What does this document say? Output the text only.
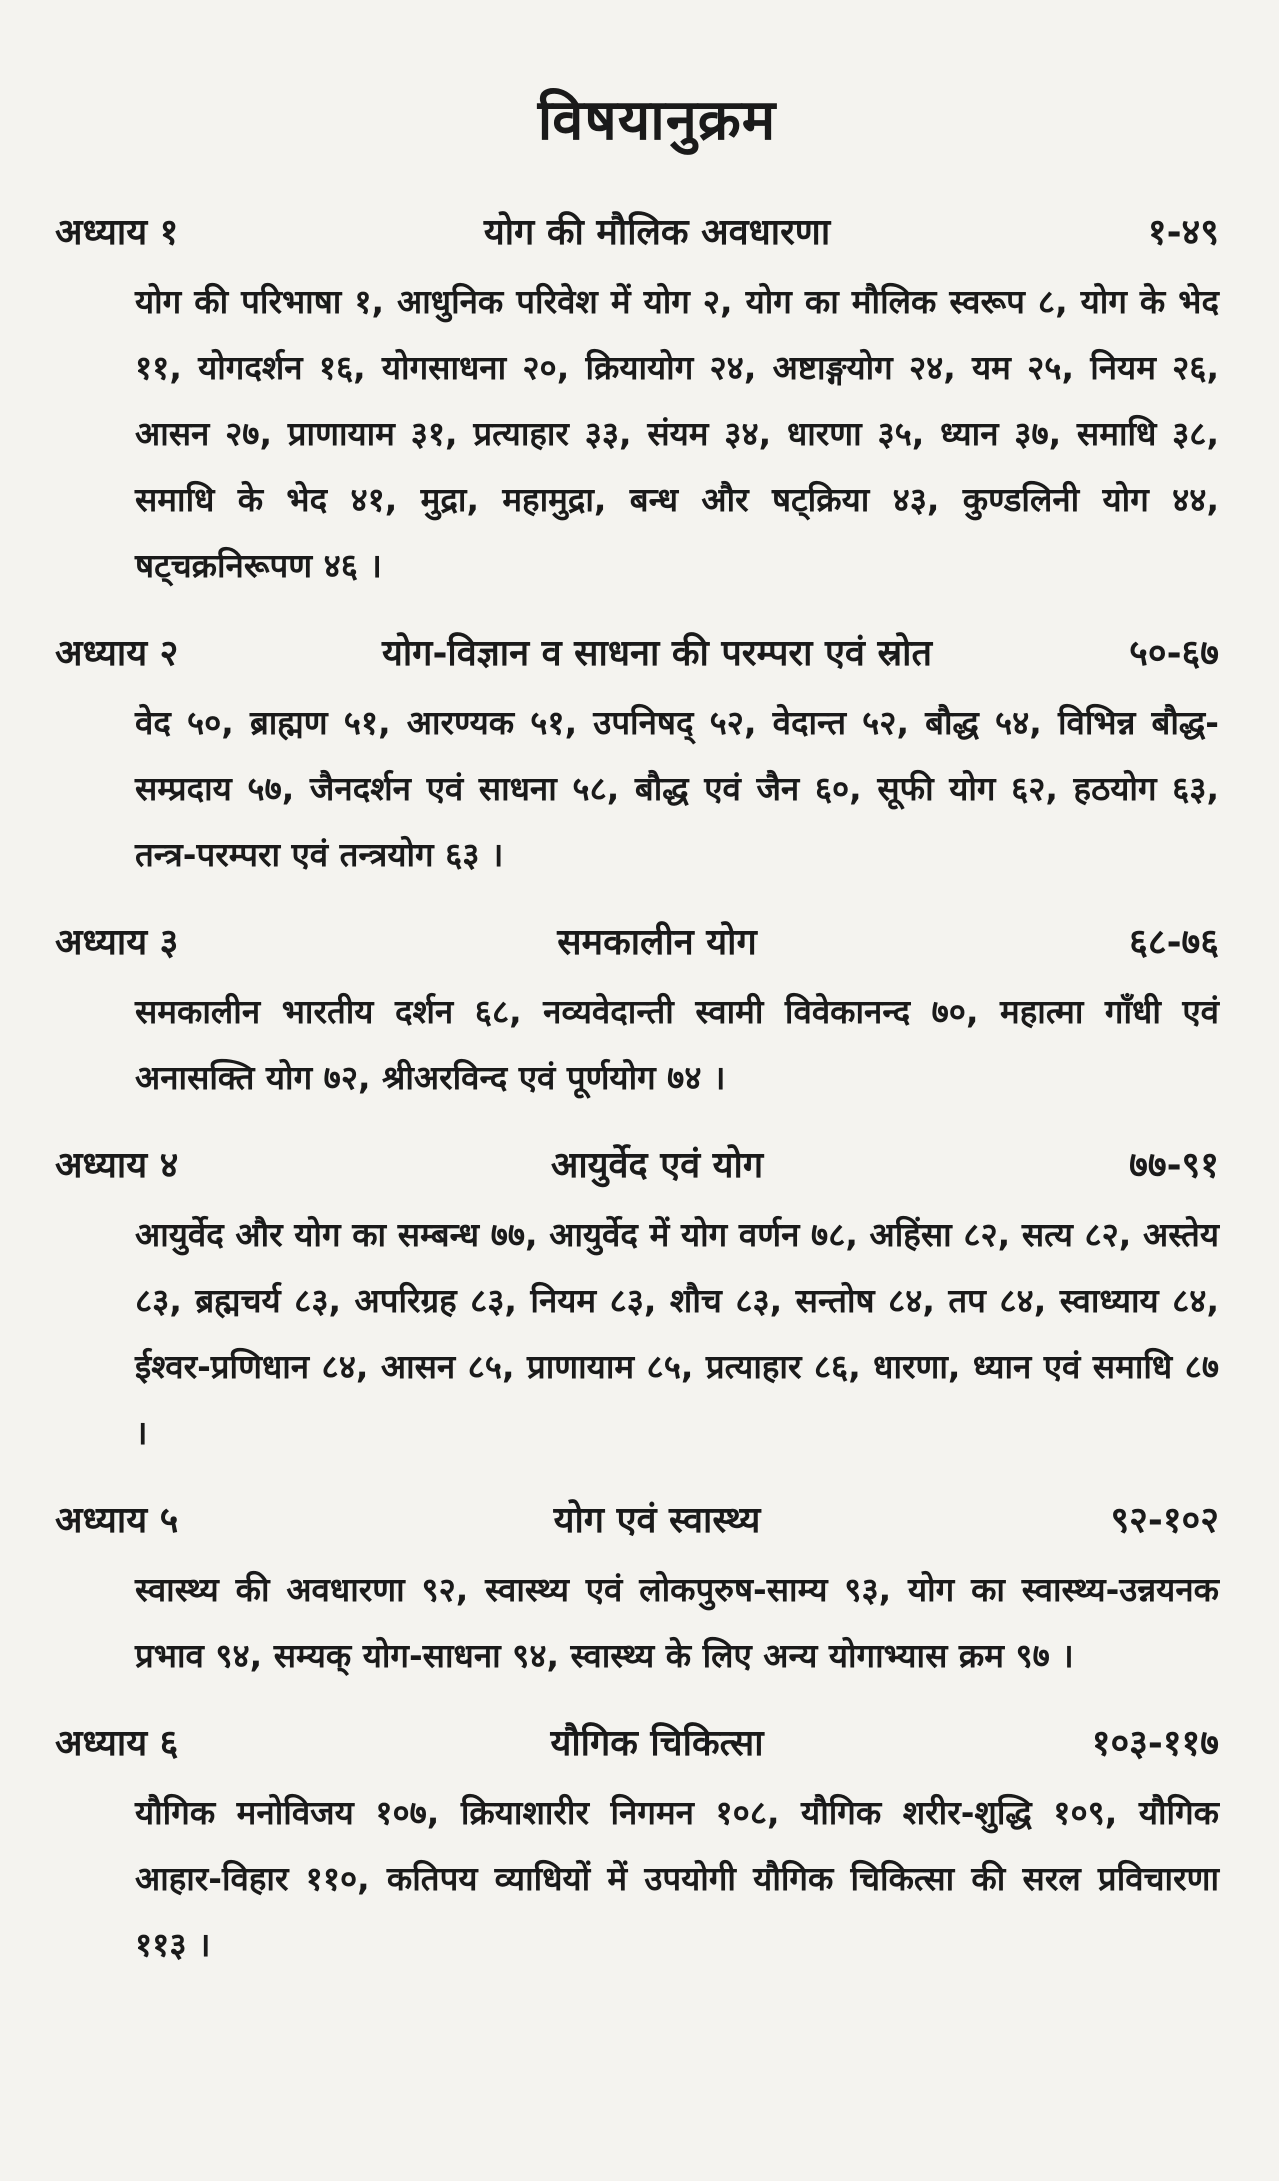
विषयानुक्रम
अध्याय १	योग की मौलिक अवधारणा	१-४९
योग की परिभाषा १, आधुनिक परिवेश में योग २, योग का मौलिक स्वरूप ८, योग के भेद ११, योगदर्शन १६, योगसाधना २०, क्रियायोग २४, अष्टाङ्गयोग २४, यम २५, नियम २६, आसन २७, प्राणायाम ३१, प्रत्याहार ३३, संयम ३४, धारणा ३५, ध्यान ३७, समाधि ३८, समाधि के भेद ४१, मुद्रा, महामुद्रा, बन्ध और षट्क्रिया ४३, कुण्डलिनी योग ४४, षट्चक्रनिरूपण ४६ ।
अध्याय २	योग-विज्ञान व साधना की परम्परा एवं स्रोत	५०-६७
वेद ५०, ब्राह्मण ५१, आरण्यक ५१, उपनिषद् ५२, वेदान्त ५२, बौद्ध ५४, विभिन्न बौद्ध-सम्प्रदाय ५७, जैनदर्शन एवं साधना ५८, बौद्ध एवं जैन ६०, सूफी योग ६२, हठयोग ६३, तन्त्र-परम्परा एवं तन्त्रयोग ६३ ।
अध्याय ३	समकालीन योग	६८-७६
समकालीन भारतीय दर्शन ६८, नव्यवेदान्ती स्वामी विवेकानन्द ७०, महात्मा गाँधी एवं अनासक्ति योग ७२, श्रीअरविन्द एवं पूर्णयोग ७४ ।
अध्याय ४	आयुर्वेद एवं योग	७७-९१
आयुर्वेद और योग का सम्बन्ध ७७, आयुर्वेद में योग वर्णन ७८, अहिंसा ८२, सत्य ८२, अस्तेय ८३, ब्रह्मचर्य ८३, अपरिग्रह ८३, नियम ८३, शौच ८३, सन्तोष ८४, तप ८४, स्वाध्याय ८४, ईश्वर-प्रणिधान ८४, आसन ८५, प्राणायाम ८५, प्रत्याहार ८६, धारणा, ध्यान एवं समाधि ८७ ।
अध्याय ५	योग एवं स्वास्थ्य	९२-१०२
स्वास्थ्य की अवधारणा ९२, स्वास्थ्य एवं लोकपुरुष-साम्य ९३, योग का स्वास्थ्य-उन्नयनक प्रभाव ९४, सम्यक् योग-साधना ९४, स्वास्थ्य के लिए अन्य योगाभ्यास क्रम ९७ ।
अध्याय ६	यौगिक चिकित्सा	१०३-११७
यौगिक मनोविजय १०७, क्रियाशारीर निगमन १०८, यौगिक शरीर-शुद्धि १०९, यौगिक आहार-विहार ११०, कतिपय व्याधियों में उपयोगी यौगिक चिकित्सा की सरल प्रविचारणा ११३ ।
